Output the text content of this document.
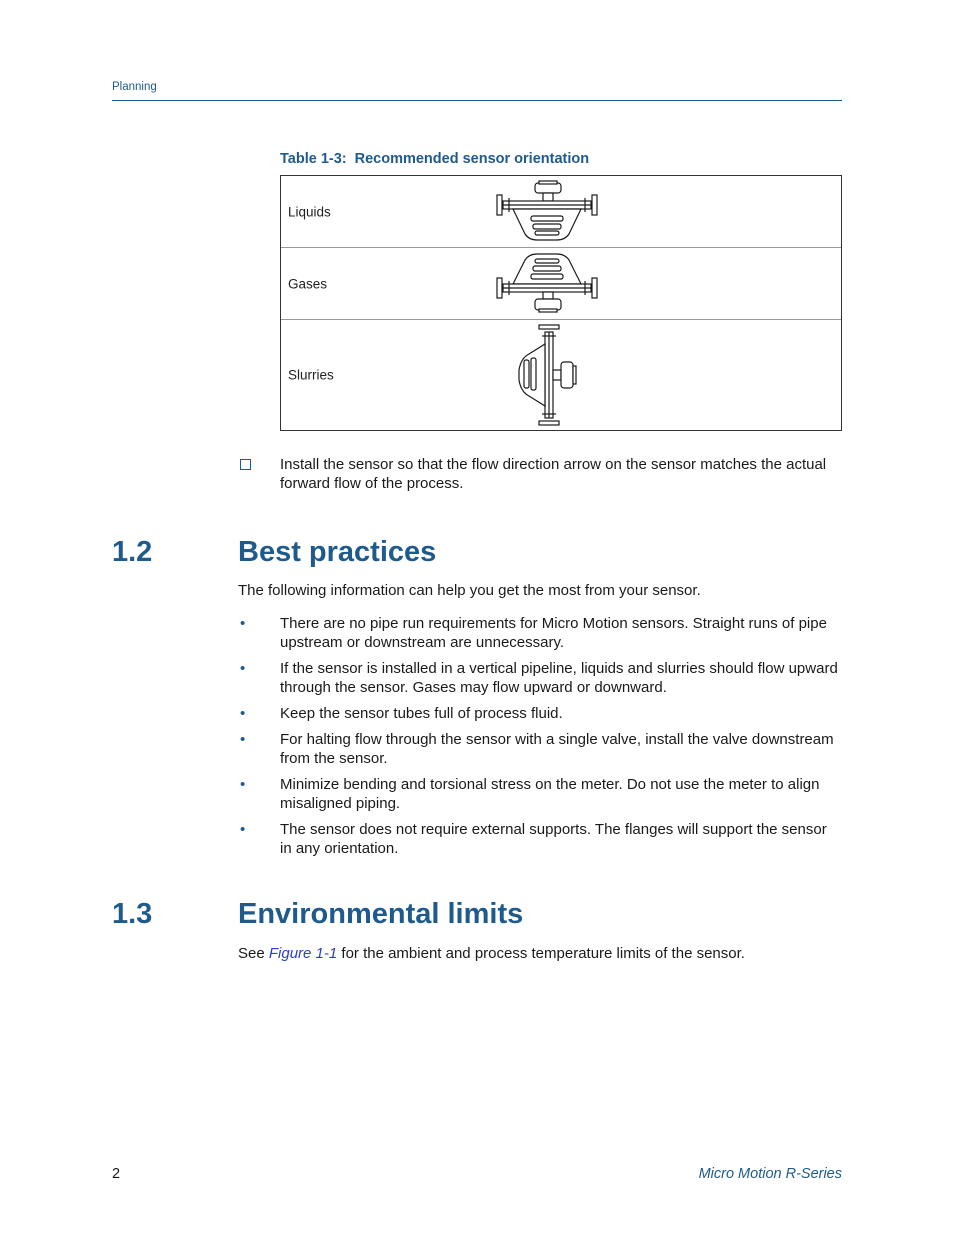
Planning
Table 1-3: Recommended sensor orientation
Liquids
Gases
Slurries
Install the sensor so that the flow direction arrow on the sensor matches the actual forward flow of the process.
1.2	Best practices
The following information can help you get the most from your sensor.
• There are no pipe run requirements for Micro Motion sensors. Straight runs of pipe upstream or downstream are unnecessary.
• If the sensor is installed in a vertical pipeline, liquids and slurries should flow upward through the sensor. Gases may flow upward or downward.
• Keep the sensor tubes full of process fluid.
• For halting flow through the sensor with a single valve, install the valve downstream from the sensor.
• Minimize bending and torsional stress on the meter. Do not use the meter to align misaligned piping.
• The sensor does not require external supports. The flanges will support the sensor in any orientation.
1.3	Environmental limits
See Figure 1-1 for the ambient and process temperature limits of the sensor.
2	Micro Motion R-Series
